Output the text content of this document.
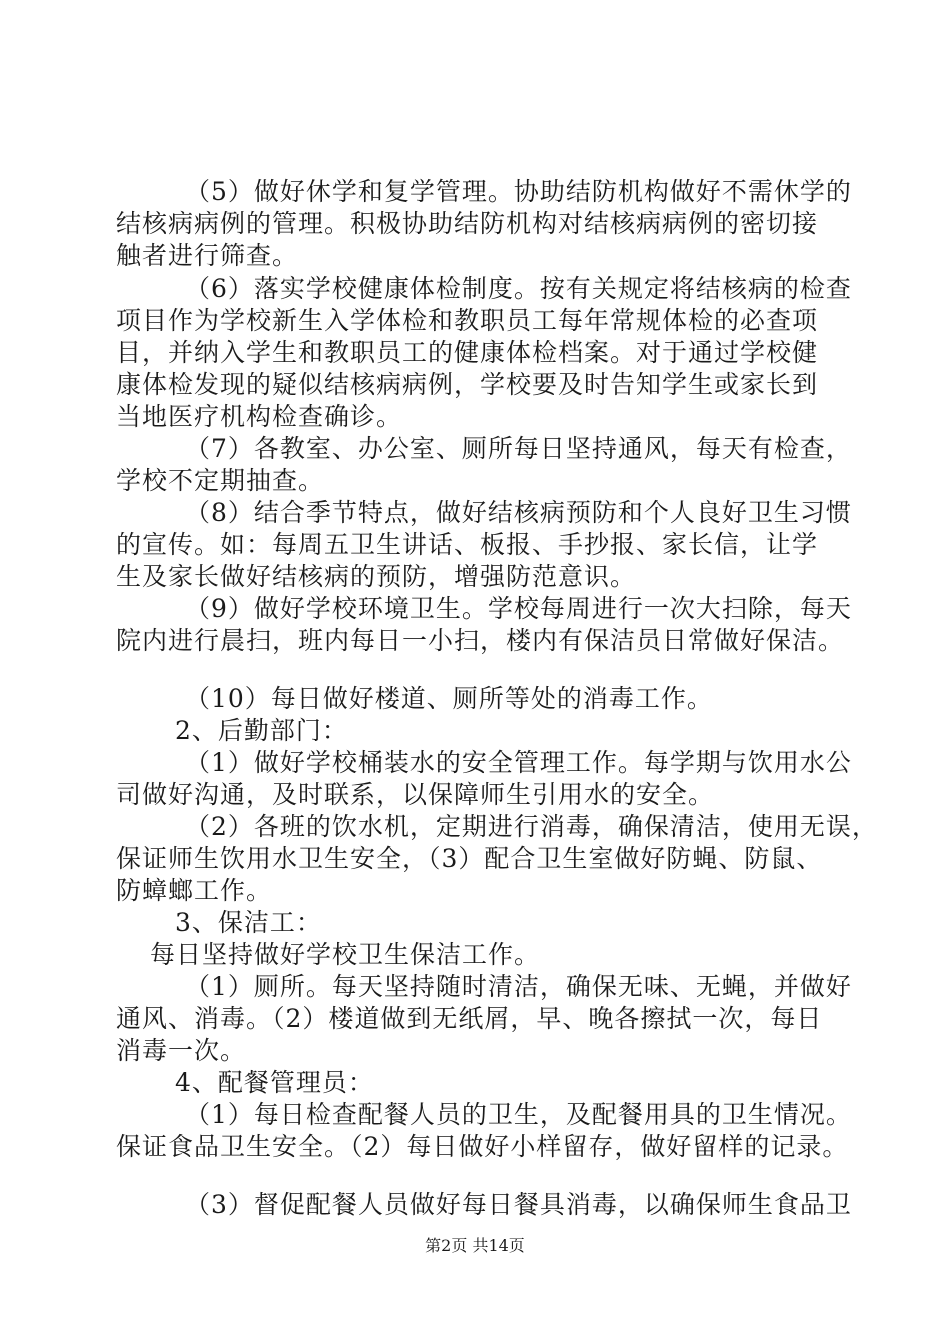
（5）做好休学和复学管理。协助结防机构做好不需休学的
结核病病例的管理。积极协助结防机构对结核病病例的密切接
触者进行筛查。
（6）落实学校健康体检制度。按有关规定将结核病的检查
项目作为学校新生入学体检和教职员工每年常规体检的必查项
目，并纳入学生和教职员工的健康体检档案。对于通过学校健
康体检发现的疑似结核病病例，学校要及时告知学生或家长到
当地医疗机构检查确诊。
（7）各教室、办公室、厕所每日坚持通风，每天有检查，
学校不定期抽查。
（8）结合季节特点，做好结核病预防和个人良好卫生习惯
的宣传。如：每周五卫生讲话、板报、手抄报、家长信，让学
生及家长做好结核病的预防，增强防范意识。
（9）做好学校环境卫生。学校每周进行一次大扫除，每天
院内进行晨扫，班内每日一小扫，楼内有保洁员日常做好保洁。
（10）每日做好楼道、厕所等处的消毒工作。
2、后勤部门：
（1）做好学校桶装水的安全管理工作。每学期与饮用水公
司做好沟通，及时联系，以保障师生引用水的安全。
（2）各班的饮水机，定期进行消毒，确保清洁，使用无误，
保证师生饮用水卫生安全，（3）配合卫生室做好防蝇、防鼠、
防蟑螂工作。
3、保洁工：
每日坚持做好学校卫生保洁工作。
（1）厕所。每天坚持随时清洁，确保无味、无蝇，并做好
通风、消毒。（2）楼道做到无纸屑，早、晚各擦拭一次，每日
消毒一次。
4、配餐管理员：
（1）每日检查配餐人员的卫生，及配餐用具的卫生情况。
保证食品卫生安全。（2）每日做好小样留存，做好留样的记录。
（3）督促配餐人员做好每日餐具消毒，以确保师生食品卫
第2页 共14页
